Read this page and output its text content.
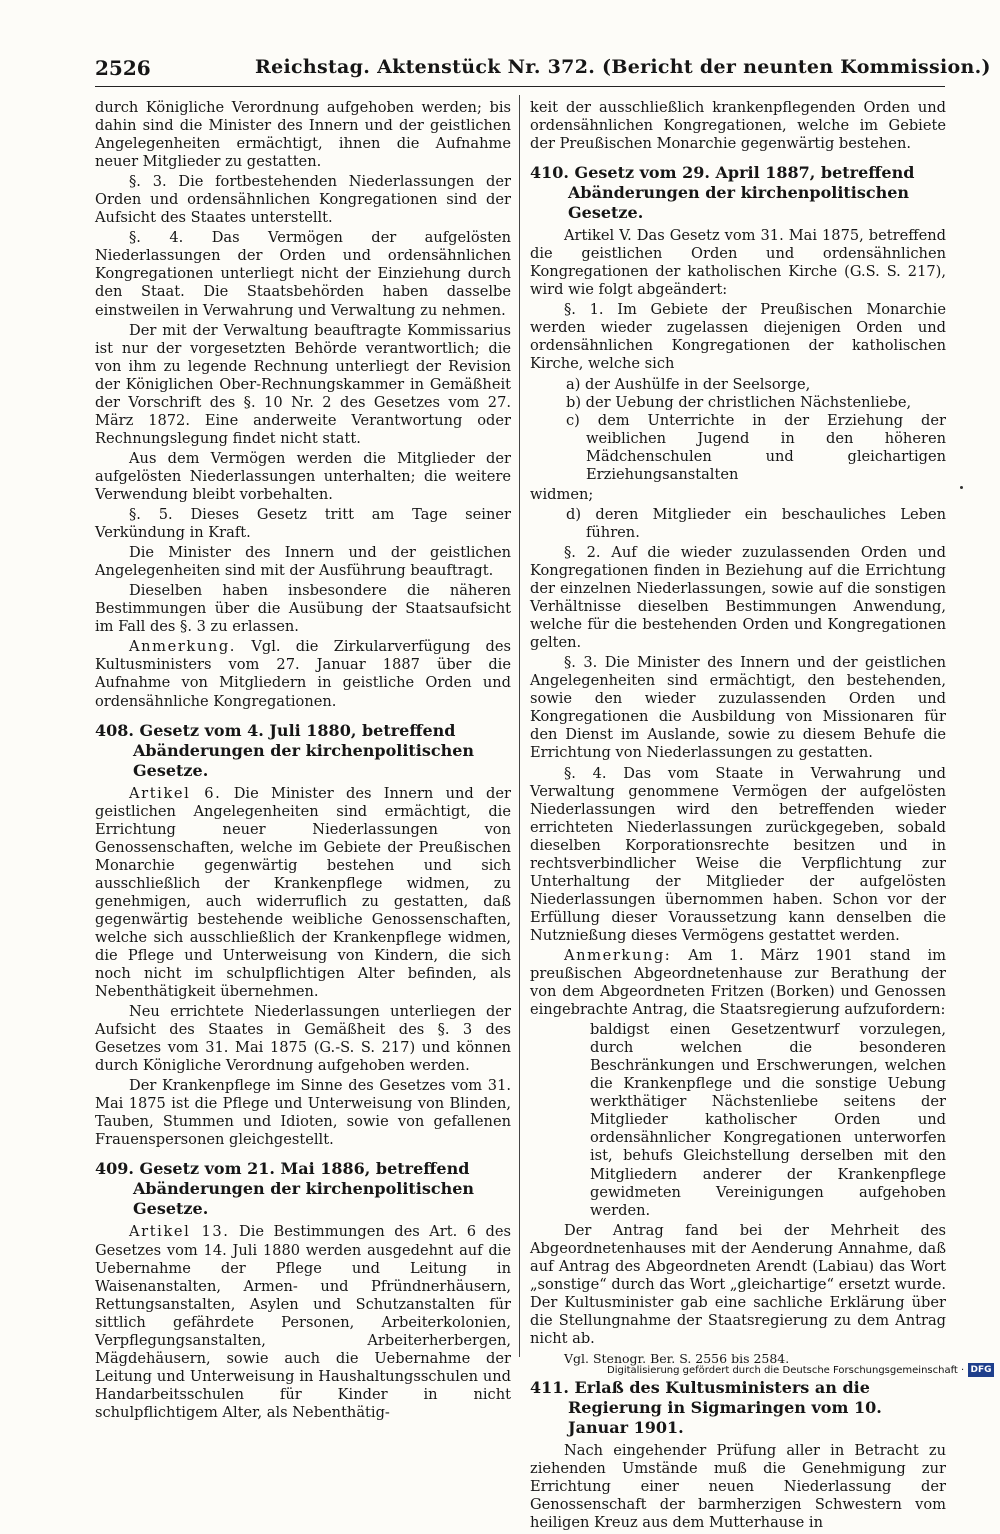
2526	Reichstag. Aktenstück Nr. 372. (Bericht der neunten Kommission.)

durch Königliche Verordnung aufgehoben werden; bis dahin sind die Minister des Innern und der geistlichen Angelegenheiten ermächtigt, ihnen die Aufnahme neuer Mitglieder zu gestatten.

§. 3. Die fortbestehenden Niederlassungen der Orden und ordensähnlichen Kongregationen sind der Aufsicht des Staates unterstellt.

§. 4. Das Vermögen der aufgelösten Niederlassungen der Orden und ordensähnlichen Kongregationen unterliegt nicht der Einziehung durch den Staat. Die Staatsbehörden haben dasselbe einstweilen in Verwahrung und Verwaltung zu nehmen.

Der mit der Verwaltung beauftragte Kommissarius ist nur der vorgesetzten Behörde verantwortlich; die von ihm zu legende Rechnung unterliegt der Revision der Königlichen Ober-Rechnungskammer in Gemäßheit der Vorschrift des §. 10 Nr. 2 des Gesetzes vom 27. März 1872. Eine anderweite Verantwortung oder Rechnungslegung findet nicht statt.

Aus dem Vermögen werden die Mitglieder der aufgelösten Niederlassungen unterhalten; die weitere Verwendung bleibt vorbehalten.

§. 5. Dieses Gesetz tritt am Tage seiner Verkündung in Kraft.

Die Minister des Innern und der geistlichen Angelegenheiten sind mit der Ausführung beauftragt.

Dieselben haben insbesondere die näheren Bestimmungen über die Ausübung der Staatsaufsicht im Fall des §. 3 zu erlassen.

Anmerkung. Vgl. die Zirkularverfügung des Kultusministers vom 27. Januar 1887 über die Aufnahme von Mitgliedern in geistliche Orden und ordensähnliche Kongregationen.

408. Gesetz vom 4. Juli 1880, betreffend Abänderungen der kirchenpolitischen Gesetze.

Artikel 6. Die Minister des Innern und der geistlichen Angelegenheiten sind ermächtigt, die Errichtung neuer Niederlassungen von Genossenschaften, welche im Gebiete der Preußischen Monarchie gegenwärtig bestehen und sich ausschließlich der Krankenpflege widmen, zu genehmigen, auch widerruflich zu gestatten, daß gegenwärtig bestehende weibliche Genossenschaften, welche sich ausschließlich der Krankenpflege widmen, die Pflege und Unterweisung von Kindern, die sich noch nicht im schulpflichtigen Alter befinden, als Nebenthätigkeit übernehmen.

Neu errichtete Niederlassungen unterliegen der Aufsicht des Staates in Gemäßheit des §. 3 des Gesetzes vom 31. Mai 1875 (G.-S. S. 217) und können durch Königliche Verordnung aufgehoben werden.

Der Krankenpflege im Sinne des Gesetzes vom 31. Mai 1875 ist die Pflege und Unterweisung von Blinden, Tauben, Stummen und Idioten, sowie von gefallenen Frauenspersonen gleichgestellt.

409. Gesetz vom 21. Mai 1886, betreffend Abänderungen der kirchenpolitischen Gesetze.

Artikel 13. Die Bestimmungen des Art. 6 des Gesetzes vom 14. Juli 1880 werden ausgedehnt auf die Uebernahme der Pflege und Leitung in Waisenanstalten, Armen- und Pfründnerhäusern, Rettungsanstalten, Asylen und Schutzanstalten für sittlich gefährdete Personen, Arbeiterkolonien, Verpflegungsanstalten, Arbeiterherbergen, Mägdehäusern, sowie auch die Uebernahme der Leitung und Unterweisung in Haushaltungsschulen und Handarbeitsschulen für Kinder in nicht schulpflichtigem Alter, als Nebenthätig-

keit der ausschließlich krankenpflegenden Orden und ordensähnlichen Kongregationen, welche im Gebiete der Preußischen Monarchie gegenwärtig bestehen.

410. Gesetz vom 29. April 1887, betreffend Abänderungen der kirchenpolitischen Gesetze.

Artikel V. Das Gesetz vom 31. Mai 1875, betreffend die geistlichen Orden und ordensähnlichen Kongregationen der katholischen Kirche (G.S. S. 217), wird wie folgt abgeändert:

§. 1. Im Gebiete der Preußischen Monarchie werden wieder zugelassen diejenigen Orden und ordensähnlichen Kongregationen der katholischen Kirche, welche sich

a) der Aushülfe in der Seelsorge,
b) der Uebung der christlichen Nächstenliebe,
c) dem Unterrichte in der Erziehung der weiblichen Jugend in den höheren Mädchenschulen und gleichartigen Erziehungsanstalten

widmen;

d) deren Mitglieder ein beschauliches Leben führen.

§. 2. Auf die wieder zuzulassenden Orden und Kongregationen finden in Beziehung auf die Errichtung der einzelnen Niederlassungen, sowie auf die sonstigen Verhältnisse dieselben Bestimmungen Anwendung, welche für die bestehenden Orden und Kongregationen gelten.

§. 3. Die Minister des Innern und der geistlichen Angelegenheiten sind ermächtigt, den bestehenden, sowie den wieder zuzulassenden Orden und Kongregationen die Ausbildung von Missionaren für den Dienst im Auslande, sowie zu diesem Behufe die Errichtung von Niederlassungen zu gestatten.

§. 4. Das vom Staate in Verwahrung und Verwaltung genommene Vermögen der aufgelösten Niederlassungen wird den betreffenden wieder errichteten Niederlassungen zurückgegeben, sobald dieselben Korporationsrechte besitzen und in rechtsverbindlicher Weise die Verpflichtung zur Unterhaltung der Mitglieder der aufgelösten Niederlassungen übernommen haben. Schon vor der Erfüllung dieser Voraussetzung kann denselben die Nutznießung dieses Vermögens gestattet werden.

Anmerkung: Am 1. März 1901 stand im preußischen Abgeordnetenhause zur Berathung der von dem Abgeordneten Fritzen (Borken) und Genossen eingebrachte Antrag, die Staatsregierung aufzufordern:

baldigst einen Gesetzentwurf vorzulegen, durch welchen die besonderen Beschränkungen und Erschwerungen, welchen die Krankenpflege und die sonstige Uebung werkthätiger Nächstenliebe seitens der Mitglieder katholischer Orden und ordensähnlicher Kongregationen unterworfen ist, behufs Gleichstellung derselben mit den Mitgliedern anderer der Krankenpflege gewidmeten Vereinigungen aufgehoben werden.

Der Antrag fand bei der Mehrheit des Abgeordnetenhauses mit der Aenderung Annahme, daß auf Antrag des Abgeordneten Arendt (Labiau) das Wort „sonstige“ durch das Wort „gleichartige“ ersetzt wurde. Der Kultusminister gab eine sachliche Erklärung über die Stellungnahme der Staatsregierung zu dem Antrag nicht ab.

Vgl. Stenogr. Ber. S. 2556 bis 2584.

411. Erlaß des Kultusministers an die Regierung in Sigmaringen vom 10. Januar 1901.

Nach eingehender Prüfung aller in Betracht zu ziehenden Umstände muß die Genehmigung zur Errichtung einer neuen Niederlassung der Genossenschaft der barmherzigen Schwestern vom heiligen Kreuz aus dem Mutterhause in

Digitalisierung gefördert durch die Deutsche Forschungsgemeinschaft · DFG
